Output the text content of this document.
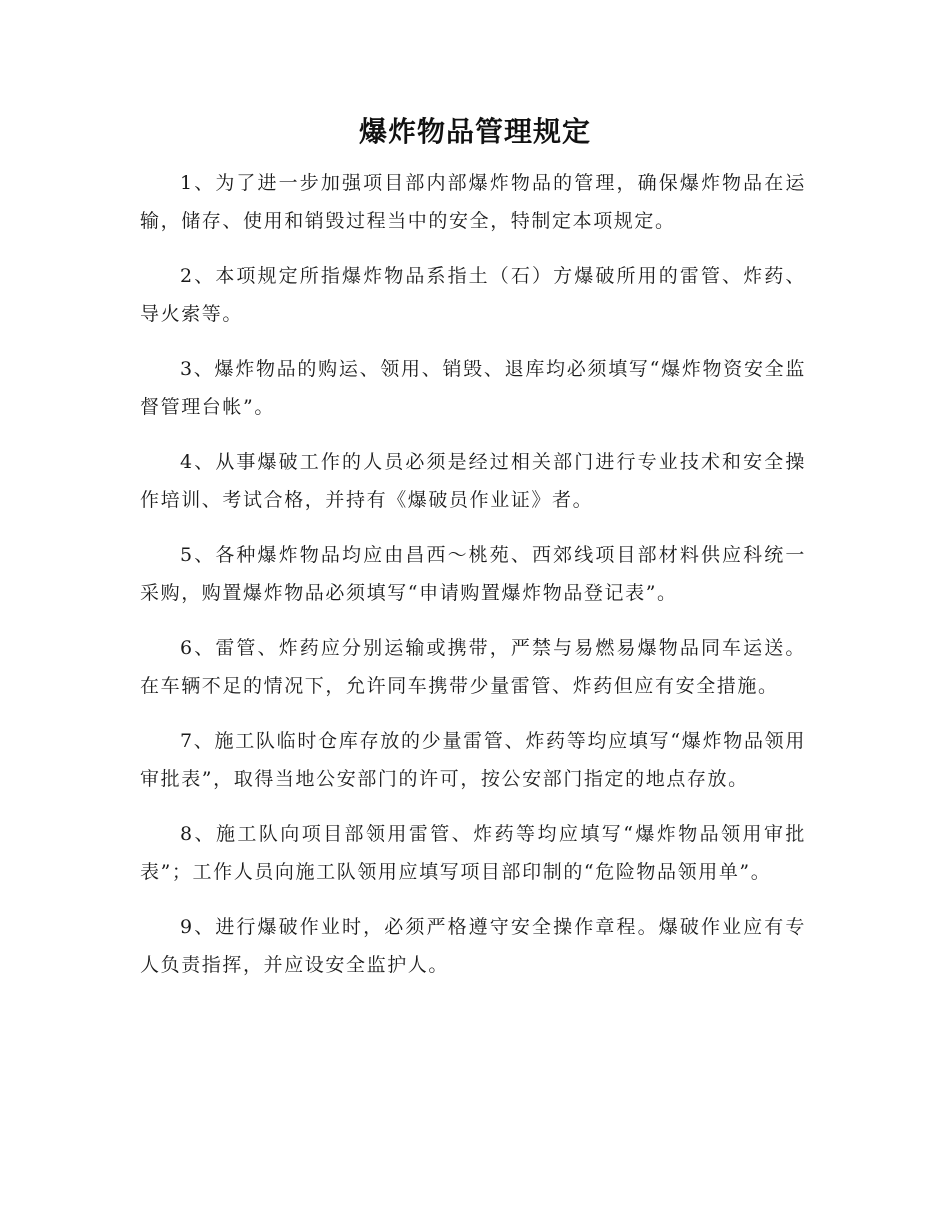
爆炸物品管理规定

1、为了进一步加强项目部内部爆炸物品的管理，确保爆炸物品在运输，储存、使用和销毁过程当中的安全，特制定本项规定。

2、本项规定所指爆炸物品系指土（石）方爆破所用的雷管、炸药、导火索等。

3、爆炸物品的购运、领用、销毁、退库均必须填写“爆炸物资安全监督管理台帐”。

4、从事爆破工作的人员必须是经过相关部门进行专业技术和安全操作培训、考试合格，并持有《爆破员作业证》者。

5、各种爆炸物品均应由昌西～桃苑、西郊线项目部材料供应科统一采购，购置爆炸物品必须填写“申请购置爆炸物品登记表”。

6、雷管、炸药应分别运输或携带，严禁与易燃易爆物品同车运送。在车辆不足的情况下，允许同车携带少量雷管、炸药但应有安全措施。

7、施工队临时仓库存放的少量雷管、炸药等均应填写“爆炸物品领用审批表”，取得当地公安部门的许可，按公安部门指定的地点存放。

8、施工队向项目部领用雷管、炸药等均应填写“爆炸物品领用审批表”；工作人员向施工队领用应填写项目部印制的“危险物品领用单”。

9、进行爆破作业时，必须严格遵守安全操作章程。爆破作业应有专人负责指挥，并应设安全监护人。
